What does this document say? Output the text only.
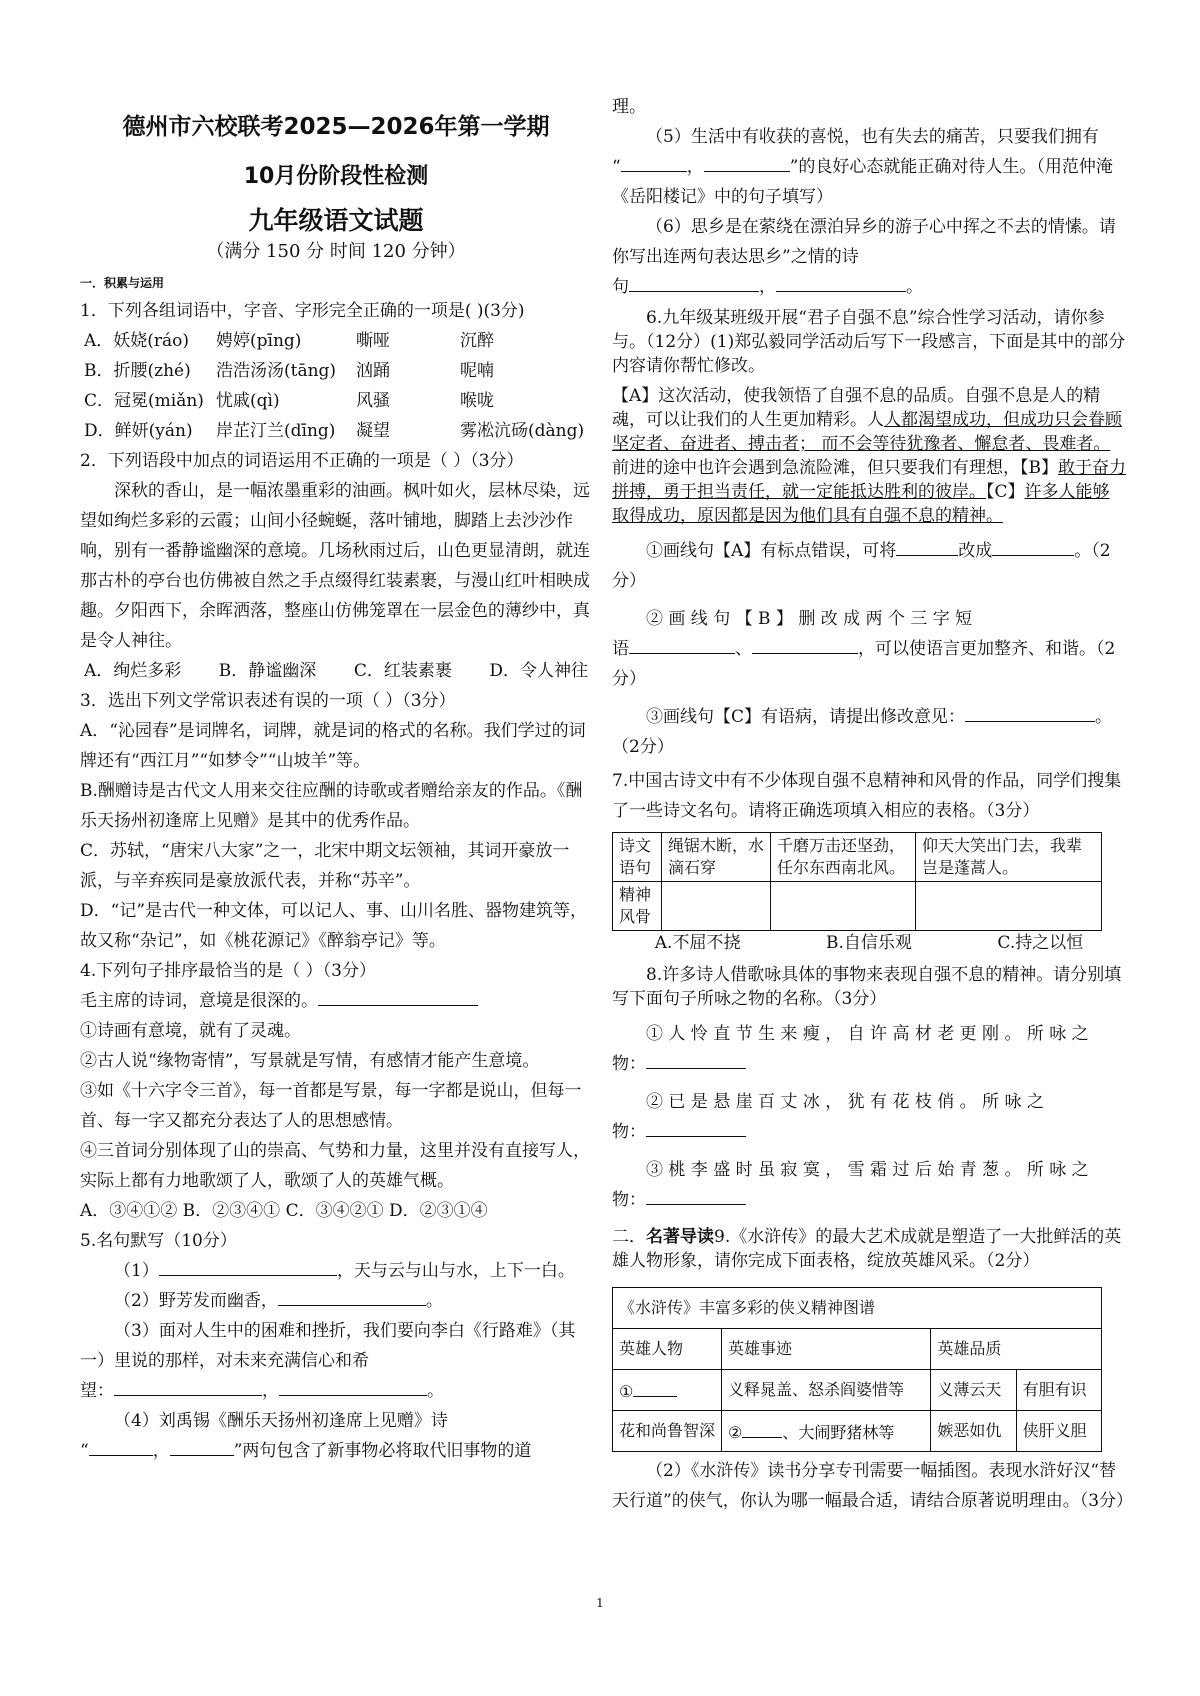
德州市六校联考2025—2026年第一学期
10月份阶段性检测
九年级语文试题
（满分 150 分 时间 120 分钟）
一．积累与运用

1．下列各组词语中，字音、字形完全正确的一项是( )(3分)

A．妖娆(ráo)	娉婷(pīng)	嘶哑	沉醉
B．折腰(zhé)	浩浩汤汤(tāng)	汹踊	呢喃
C．冠冕(miǎn) 忧戚(qì)	风骚	喉咙
D．鲜妍(yán)	岸芷汀兰(dīng)	凝望	雾凇沆砀(dàng)

2．下列语段中加点的词语运用不正确的一项是（ ）（3分）

深秋的香山，是一幅浓墨重彩的油画。枫叶如火，层林尽染，远望如绚烂多彩的云霞；山间小径蜿蜒，落叶铺地，脚踏上去沙沙作响，别有一番静谧幽深的意境。几场秋雨过后，山色更显清朗，就连那古朴的亭台也仿佛被自然之手点缀得红装素裹，与漫山红叶相映成趣。夕阳西下，余晖洒落，整座山仿佛笼罩在一层金色的薄纱中，真是令人神往。

A．绚烂多彩 B．静谧幽深 C．红装素裹 D．令人神往

3．选出下列文学常识表述有误的一项（ ）（3分）

A．“沁园春”是词牌名，词牌，就是词的格式的名称。我们学过的词牌还有“西江月”“如梦令”“山坡羊”等。

B.酬赠诗是古代文人用来交往应酬的诗歌或者赠给亲友的作品。《酬乐天扬州初逢席上见赠》是其中的优秀作品。

C．苏轼，“唐宋八大家”之一，北宋中期文坛领袖，其词开豪放一派，与辛弃疾同是豪放派代表，并称“苏辛”。

D．“记”是古代一种文体，可以记人、事、山川名胜、器物建筑等，故又称“杂记”，如《桃花源记》《醉翁亭记》等。

4.下列句子排序最恰当的是（ ）（3分）

毛主席的诗词，意境是很深的。

①诗画有意境，就有了灵魂。

②古人说“缘物寄情”，写景就是写情，有感情才能产生意境。

③如《十六字令三首》，每一首都是写景，每一字都是说山，但每一首、每一字又都充分表达了人的思想感情。

④三首词分别体现了山的崇高、气势和力量，这里并没有直接写人，实际上都有力地歌颂了人，歌颂了人的英雄气概。

A．③④①② B．②③④① C．③④②① D．②③①④

5.名句默写（10分）

（1）	，天与云与山与水，上下一白。

（2）野芳发而幽香，	。

（3）面对人生中的困难和挫折，我们要向李白《行路难》（其一）里说的那样，对未来充满信心和希

望：	，	。

（4）刘禹锡《酬乐天扬州初逢席上见赠》诗

“	，	”两句包含了新事物必将取代旧事物的道

理。

（5）生活中有收获的喜悦，也有失去的痛苦，只要我们拥有

“	，	”的良好心态就能正确对待人生。（用范仲淹《岳阳楼记》中的句子填写）

（6）思乡是在萦绕在漂泊异乡的游子心中挥之不去的情愫。请你写出连两句表达思乡”之情的诗

句	，	。

6.九年级某班级开展“君子自强不息”综合性学习活动，请你参与。（12分）(1)郑弘毅同学活动后写下一段感言，下面是其中的部分内容请你帮忙修改。

【A】这次活动，使我领悟了自强不息的品质。自强不息是人的精魂，可以让我们的人生更加精彩。人人都渴望成功，但成功只会眷顾坚定者、奋进者、搏击者； 而不会等待犹豫者、懈怠者、畏难者。前进的途中也许会遇到急流险滩，但只要我们有理想，【B】敢于奋力拼搏，勇于担当责任，就一定能抵达胜利的彼岸。【C】许多人能够取得成功，原因都是因为他们具有自强不息的精神。

①画线句【A】有标点错误，可将	改成	。（2分）

② 画 线 句 【 B 】 删 改 成 两 个 三 字 短

语	、	，可以使语言更加整齐、和谐。（2分）

③画线句【C】有语病，请提出修改意见：	。（2分）

7.中国古诗文中有不少体现自强不息精神和风骨的作品，同学们搜集了一些诗文名句。请将正确选项填入相应的表格。（3分）

诗文语句	绳锯木断，水滴石穿	千磨万击还坚劲，任尔东西南北风。	仰天大笑出门去，我辈岂是蓬蒿人。
精神风骨			
A.不屈不挠	B.自信乐观	C.持之以恒

8.许多诗人借歌咏具体的事物来表现自强不息的精神。请分别填写下面句子所咏之物的名称。（3分）

① 人 怜 直 节 生 来 瘦 ， 自 许 高 材 老 更 刚 。 所 咏 之

物：

② 已 是 悬 崖 百 丈 冰 ， 犹 有 花 枝 俏 。 所 咏 之

物：

③ 桃 李 盛 时 虽 寂 寞 ， 雪 霜 过 后 始 青 葱 。 所 咏 之

物：

二．名著导读9.《水浒传》的最大艺术成就是塑造了一大批鲜活的英雄人物形象，请你完成下面表格，绽放英雄风采。（2分）

《水浒传》丰富多彩的侠义精神图谱			
英雄人物	英雄事迹	英雄品质	
①	义释晁盖、怒杀阎婆惜等	义薄云天	有胆有识
花和尚鲁智深	② 、大闹野猪林等	嫉恶如仇	侠肝义胆

（2）《水浒传》读书分享专刊需要一幅插图。表现水浒好汉“替天行道”的侠气，你认为哪一幅最合适，请结合原著说明理由。（3分）

1
